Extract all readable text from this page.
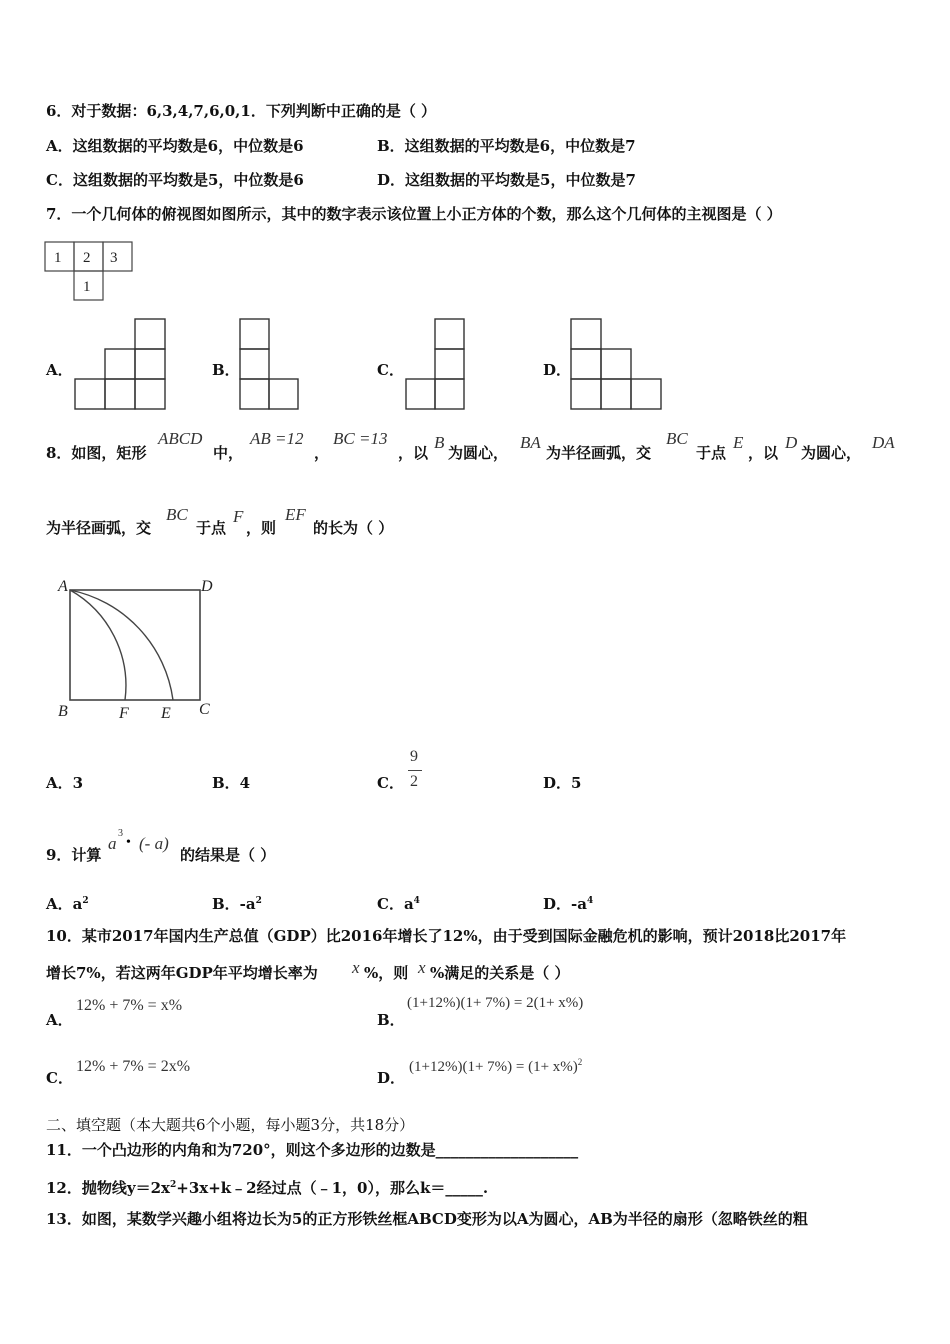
6．对于数据：6,3,4,7,6,0,1．下列判断中正确的是（ ）
A．这组数据的平均数是6，中位数是6	B．这组数据的平均数是6，中位数是7
C．这组数据的平均数是5，中位数是6	D．这组数据的平均数是5，中位数是7
7．一个几何体的俯视图如图所示，其中的数字表示该位置上小正方体的个数，那么这个几何体的主视图是（ ）
1 2 3
1
A．	B．	C．	D．
8．如图，矩形
ABCD
中，
AB =12
，
BC =13
，以
B
为圆心，
BA
为半径画弧，交
BC
于点
E
，以
D
为圆心，
DA
为半径画弧，交
BC
于点
F
，则
EF
的长为（ ）
A	D
B	F E C
A．3	B．4	C．
9
2	D．5
9．计算
a
3
• (- a)
的结果是（ ）
A．$a^2$	B．$-a^2$	C．$a^4$	D．$-a^4$
10．某市2017年国内生产总值（GDP）比2016年增长了12%，由于受到国际金融危机的影响，预计2018比2017年
增长7%，若这两年GDP年平均增长率为 x %，则 x %满足的关系是（ ）
A．
12% + 7% = x%
B．
(1+12%)(1+ 7%) = 2(1+ x%)
C．
12% + 7% = 2x%
D．
$(1+12\%)(1+ 7\%) = (1+ x\%)^2$
二、填空题（本大题共6个小题，每小题3分，共18分）
11．一个凸边形的内角和为720°，则这个多边形的边数是___________________
12．抛物线$y=2x^2+3x+k﹣2$经过点（﹣1，0），那么k＝_____.
13．如图，某数学兴趣小组将边长为5的正方形铁丝框ABCD变形为以A为圆心，AB为半径的扇形（忽略铁丝的粗
